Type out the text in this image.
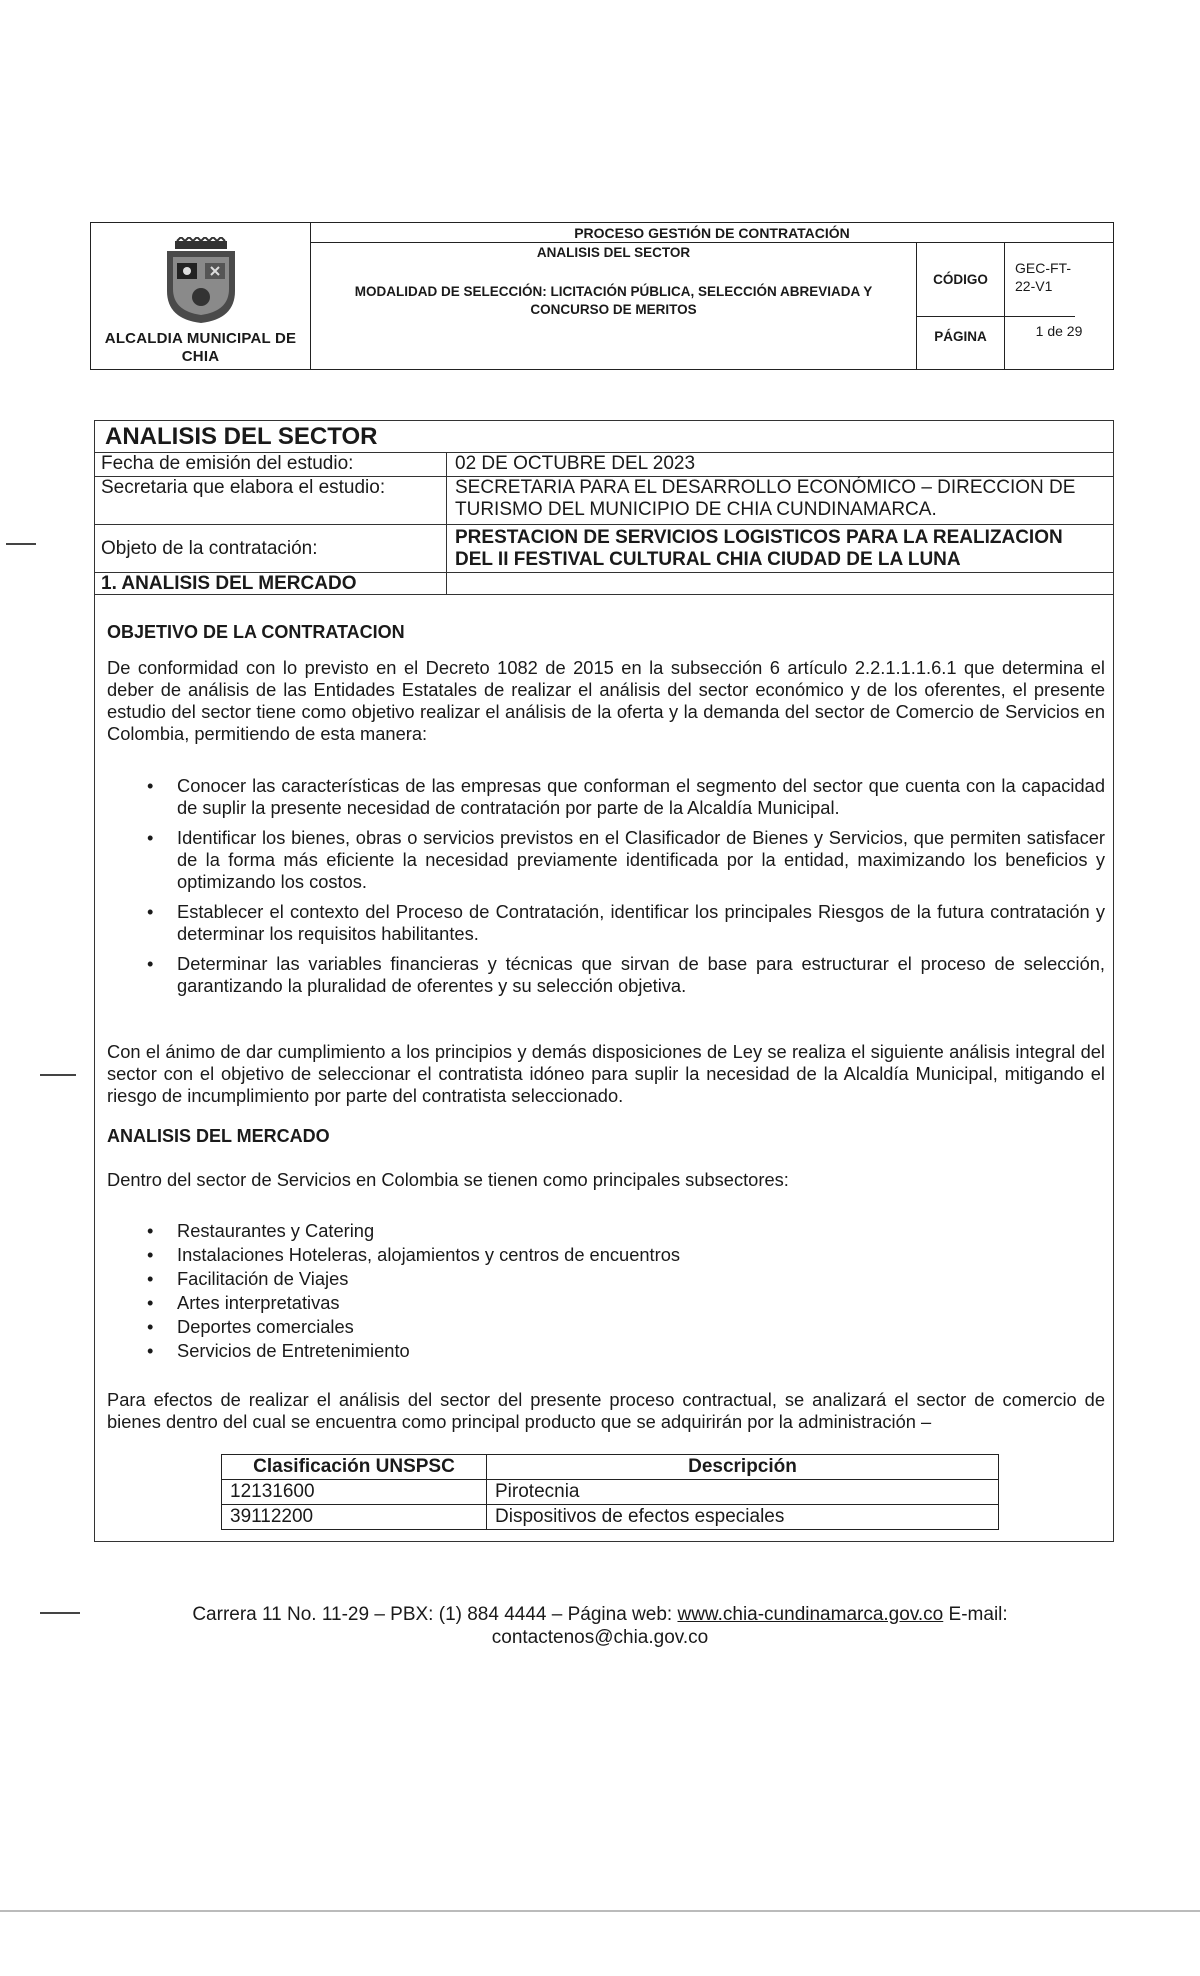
ALCALDIA MUNICIPAL DE CHIA
PROCESO GESTIÓN DE CONTRATACIÓN
ANALISIS DEL SECTOR
MODALIDAD DE SELECCIÓN: LICITACIÓN PÚBLICA, SELECCIÓN ABREVIADA Y CONCURSO DE MERITOS
CÓDIGO
GEC-FT-22-V1
PÁGINA	1 de 29
ANALISIS DEL SECTOR
Fecha de emisión del estudio:	02 DE OCTUBRE DEL 2023
Secretaria que elabora el estudio:	SECRETARIA PARA EL DESARROLLO ECONÓMICO – DIRECCION DE TURISMO DEL MUNICIPIO DE CHIA CUNDINAMARCA.
Objeto de la contratación:
PRESTACION DE SERVICIOS LOGISTICOS PARA LA REALIZACION DEL II FESTIVAL CULTURAL CHIA CIUDAD DE LA LUNA
1. ANALISIS DEL MERCADO
OBJETIVO DE LA CONTRATACION
De conformidad con lo previsto en el Decreto 1082 de 2015 en la subsección 6 artículo 2.2.1.1.1.6.1 que determina el deber de análisis de las Entidades Estatales de realizar el análisis del sector económico y de los oferentes, el presente estudio del sector tiene como objetivo realizar el análisis de la oferta y la demanda del sector de Comercio de Servicios en Colombia, permitiendo de esta manera:
• Conocer las características de las empresas que conforman el segmento del sector que cuenta con la capacidad de suplir la presente necesidad de contratación por parte de la Alcaldía Municipal.
• Identificar los bienes, obras o servicios previstos en el Clasificador de Bienes y Servicios, que permiten satisfacer de la forma más eficiente la necesidad previamente identificada por la entidad, maximizando los beneficios y optimizando los costos.
• Establecer el contexto del Proceso de Contratación, identificar los principales Riesgos de la futura contratación y determinar los requisitos habilitantes.
• Determinar las variables financieras y técnicas que sirvan de base para estructurar el proceso de selección, garantizando la pluralidad de oferentes y su selección objetiva.
Con el ánimo de dar cumplimiento a los principios y demás disposiciones de Ley se realiza el siguiente análisis integral del sector con el objetivo de seleccionar el contratista idóneo para suplir la necesidad de la Alcaldía Municipal, mitigando el riesgo de incumplimiento por parte del contratista seleccionado.
ANALISIS DEL MERCADO
Dentro del sector de Servicios en Colombia se tienen como principales subsectores:
• Restaurantes y Catering
• Instalaciones Hoteleras, alojamientos y centros de encuentros
• Facilitación de Viajes
• Artes interpretativas
• Deportes comerciales
• Servicios de Entretenimiento
Para efectos de realizar el análisis del sector del presente proceso contractual, se analizará el sector de comercio de bienes dentro del cual se encuentra como principal producto que se adquirirán por la administración –
Clasificación UNSPSC	Descripción
12131600	Pirotecnia
39112200	Dispositivos de efectos especiales
Carrera 11 No. 11-29 – PBX: (1) 884 4444 – Página web: www.chia-cundinamarca.gov.co E-mail:
contactenos@chia.gov.co
